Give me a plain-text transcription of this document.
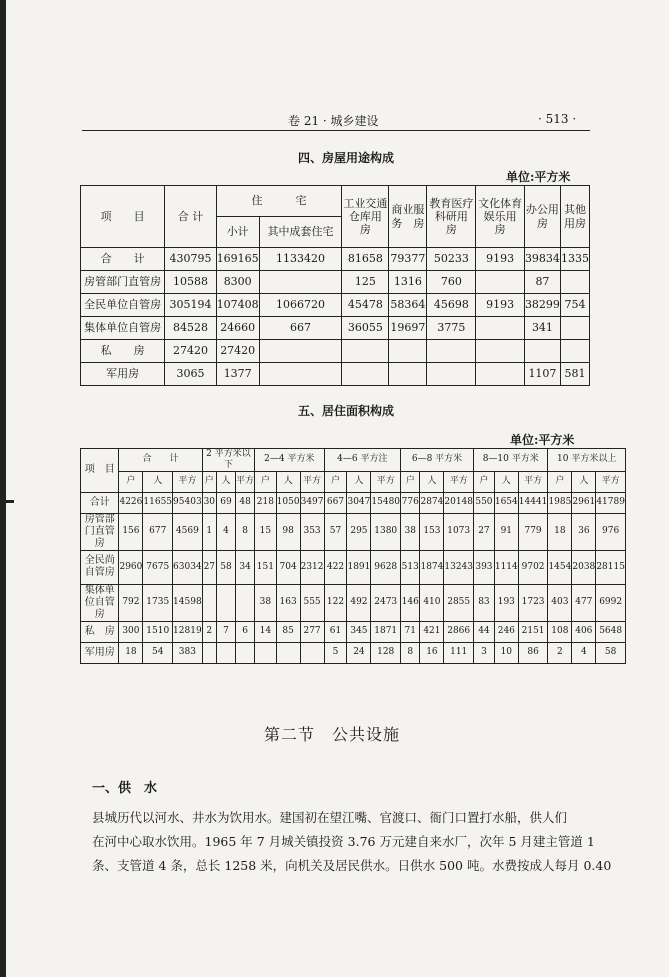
卷 21 · 城乡建设	· 513 ·
四、房屋用途构成
单位:平方米
项　　目	合 计	住　　　宅		工业交通仓库用　房	商业服务　房	教育医疗科研用　房	文化体育娱乐用　房	办公用房	其他用房
		小计	其中成套住宅						
合　　计	430795	169165	1133420	81658	79377	50233	9193	39834	1335
房管部门直管房	10588	8300		125	1316	760		87	
全民单位自管房	305194	107408	1066720	45478	58364	45698	9193	38299	754
集体单位自管房	84528	24660	667	36055	19697	3775		341	
私　　房	27420	27420							
军用房	3065	1377						1107	581
五、居住面积构成
单位:平方米
项　目	合　　计			2 平方米以下			2—4 平方米			4—6 平方注			6—8 平方米			8—10 平方米			10 平方米以上		
	户	人	平方	户	人	平方	户	人	平方	户	人	平方	户	人	平方	户	人	平方	户	人	平方
合计	4226	11655	95403	30	69	48	218	1050	3497	667	3047	15480	776	2874	20148	550	1654	14441	1985	2961	41789
房管部门直管房	156	677	4569	1	4	8	15	98	353	57	295	1380	38	153	1073	27	91	779	18	36	976
全民尚自管房	2960	7675	63034	27	58	34	151	704	2312	422	1891	9628	513	1874	13243	393	1114	9702	1454	2038	28115
集体单位自管房	792	1735	14598				38	163	555	122	492	2473	146	410	2855	83	193	1723	403	477	6992
私　房	300	1510	12819	2	7	6	14	85	277	61	345	1871	71	421	2866	44	246	2151	108	406	5648
军用房	18	54	383							5	24	128	8	16	111	3	10	86	2	4	58
第二节　公共设施
一、供　水
县城历代以河水、井水为饮用水。建国初在望江嘴、官渡口、衙门口置打水船，供人们
在河中心取水饮用。1965 年 7 月城关镇投资 3.76 万元建自来水厂，次年 5 月建主管道 1
条、支管道 4 条，总长 1258 米，向机关及居民供水。日供水 500 吨。水费按成人每月 0.40
